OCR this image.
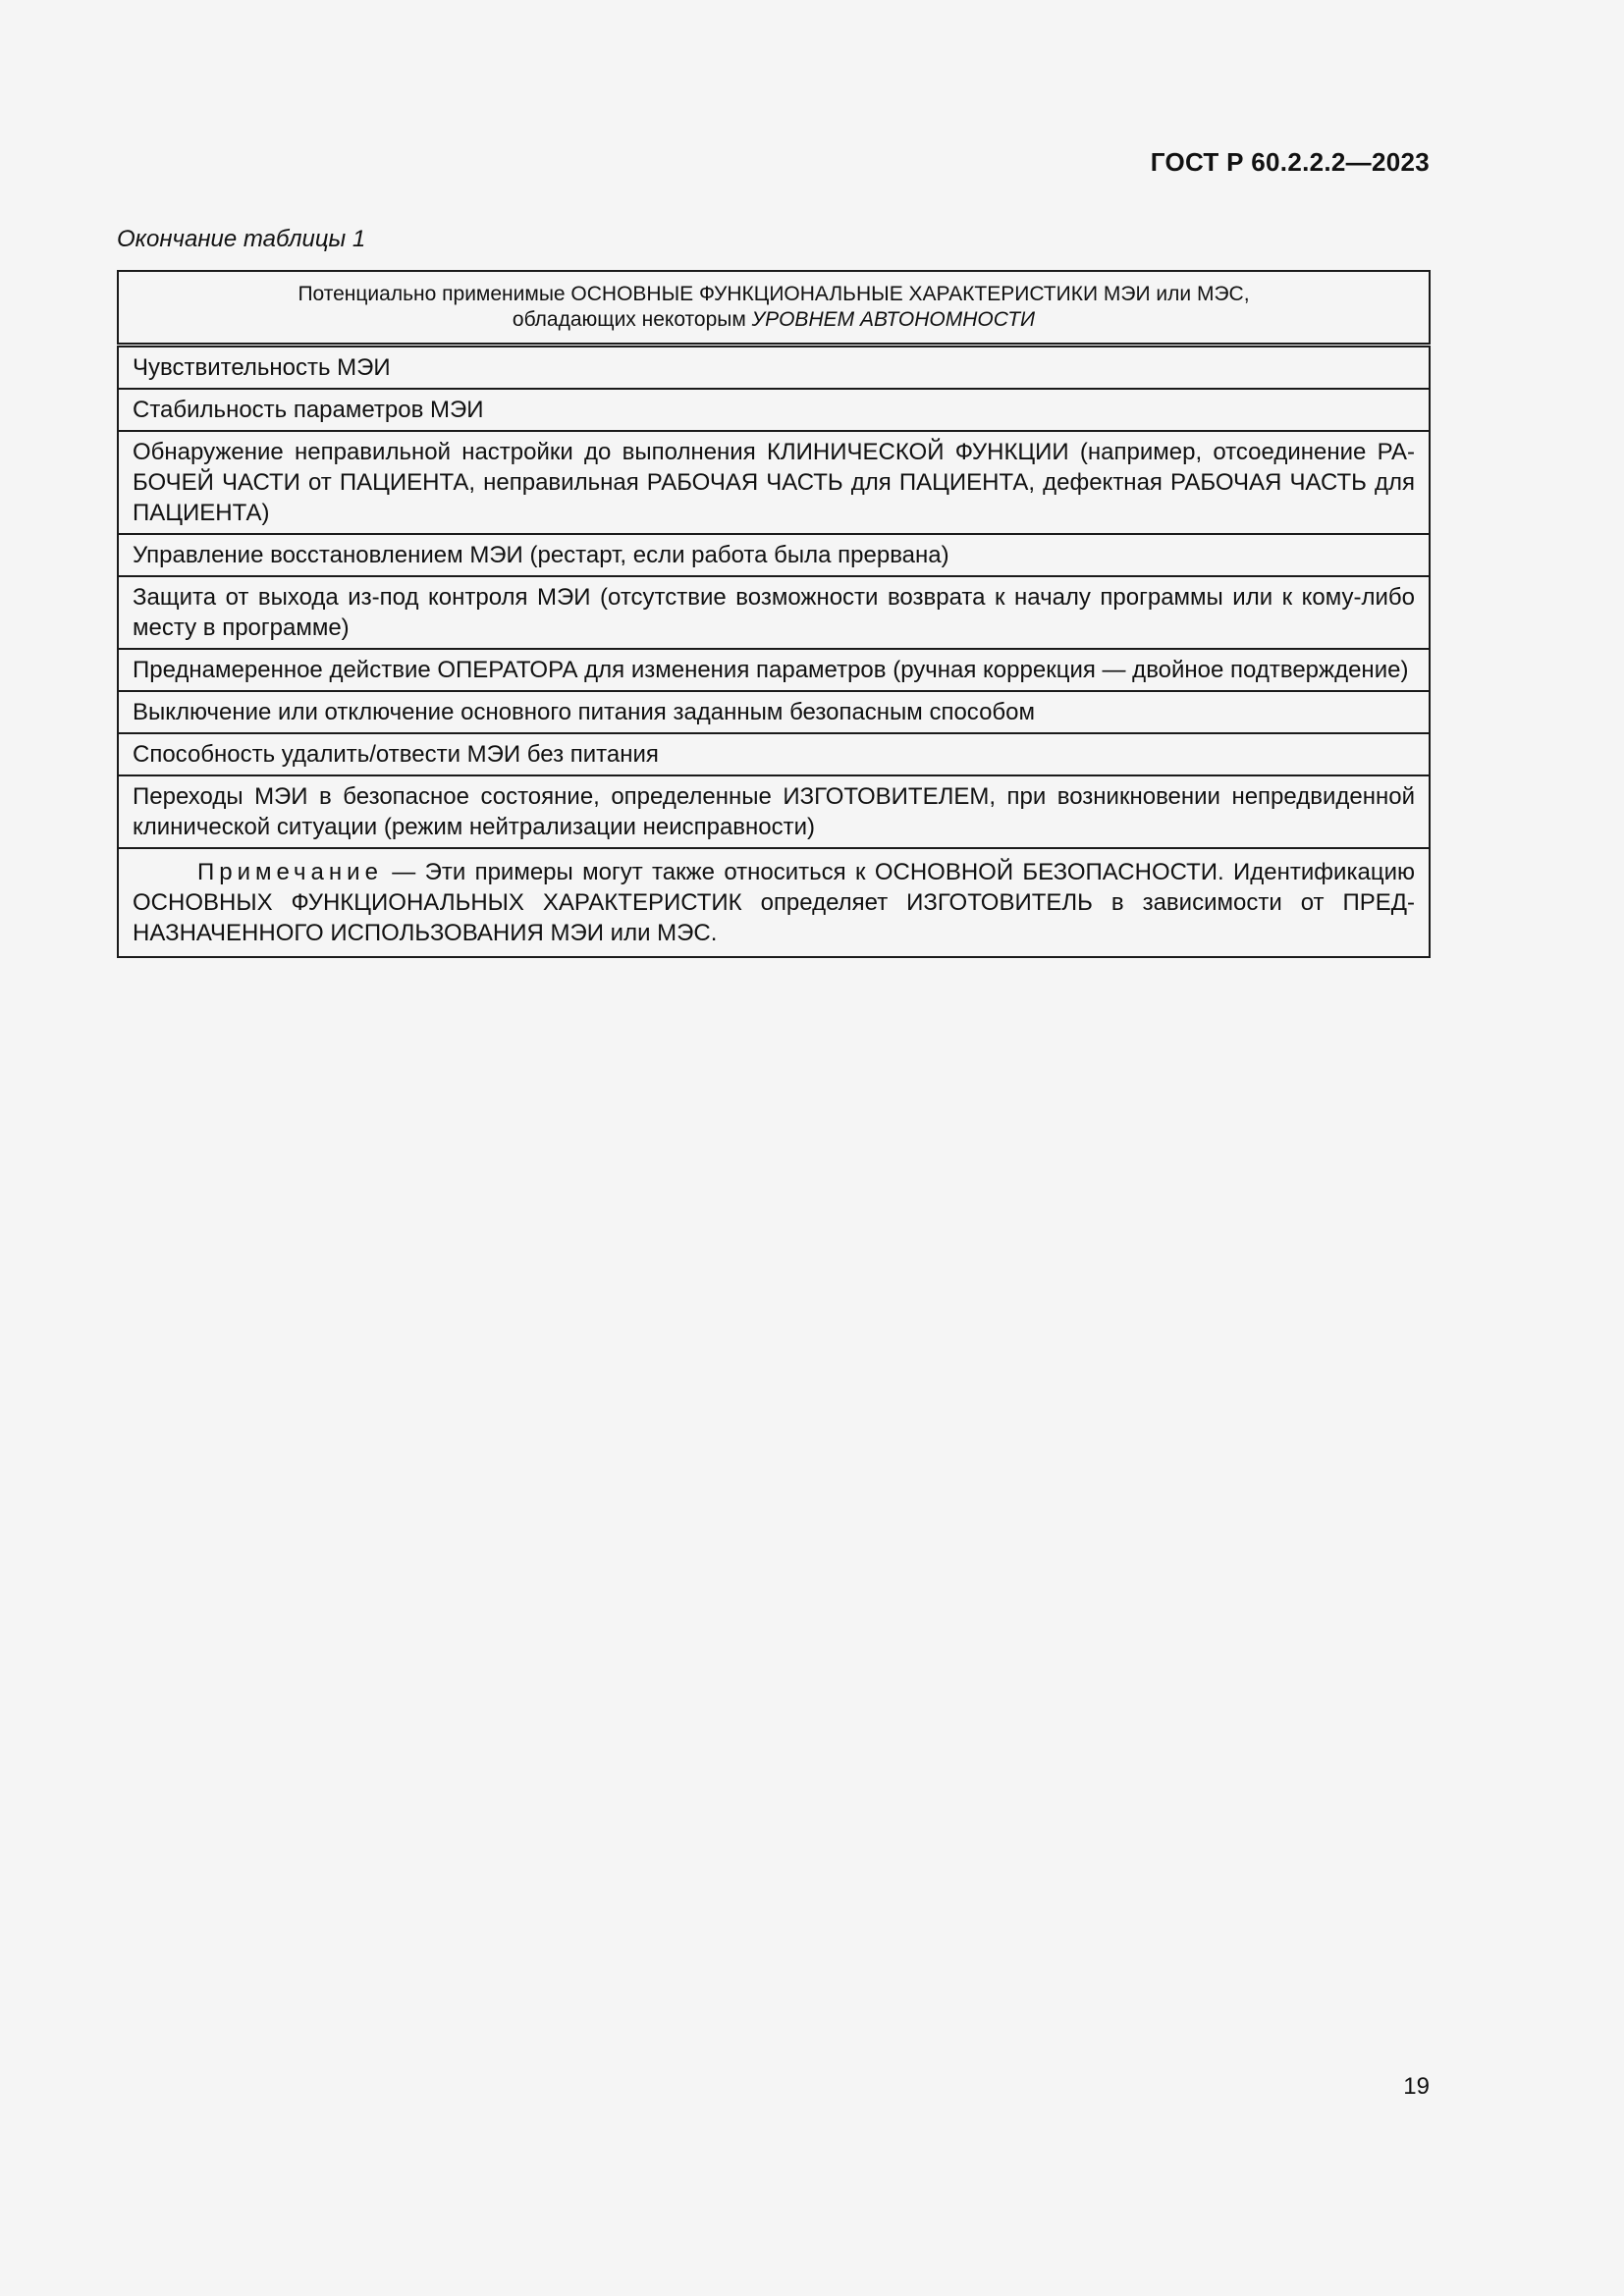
ГОСТ Р 60.2.2.2—2023

Окончание таблицы 1

Потенциально применимые ОСНОВНЫЕ ФУНКЦИОНАЛЬНЫЕ ХАРАКТЕРИСТИКИ МЭИ или МЭС,
обладающих некоторым УРОВНЕМ АВТОНОМНОСТИ

Чувствительность МЭИ
Стабильность параметров МЭИ
Обнаружение неправильной настройки до выполнения КЛИНИЧЕСКОЙ ФУНКЦИИ (например, отсоединение РАБОЧЕЙ ЧАСТИ от ПАЦИЕНТА, неправильная РАБОЧАЯ ЧАСТЬ для ПАЦИЕНТА, дефектная РАБОЧАЯ ЧАСТЬ для ПАЦИЕНТА)
Управление восстановлением МЭИ (рестарт, если работа была прервана)
Защита от выхода из-под контроля МЭИ (отсутствие возможности возврата к началу программы или к кому-либо месту в программе)
Преднамеренное действие ОПЕРАТОРА для изменения параметров (ручная коррекция — двойное подтверждение)
Выключение или отключение основного питания заданным безопасным способом
Способность удалить/отвести МЭИ без питания
Переходы МЭИ в безопасное состояние, определенные ИЗГОТОВИТЕЛЕМ, при возникновении непредвиденной клинической ситуации (режим нейтрализации неисправности)
Примечание — Эти примеры могут также относиться к ОСНОВНОЙ БЕЗОПАСНОСТИ. Идентификацию ОСНОВНЫХ ФУНКЦИОНАЛЬНЫХ ХАРАКТЕРИСТИК определяет ИЗГОТОВИТЕЛЬ в зависимости от ПРЕДНАЗНАЧЕННОГО ИСПОЛЬЗОВАНИЯ МЭИ или МЭС.

19
